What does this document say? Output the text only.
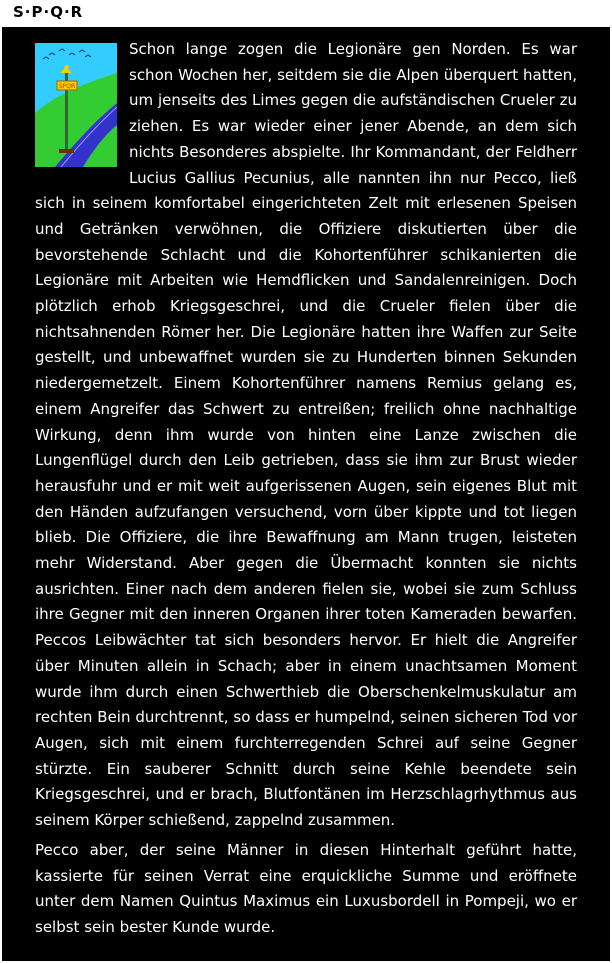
S·P·Q·R
SPQR

Schon lange zogen die Legionäre gen Norden. Es war schon Wochen her, seitdem sie die Alpen überquert hatten, um jenseits des Limes gegen die aufständischen Crueler zu ziehen. Es war wieder einer jener Abende, an dem sich nichts Besonderes abspielte. Ihr Kommandant, der Feldherr Lucius Gallius Pecunius, alle nannten ihn nur Pecco, ließ sich in seinem komfortabel eingerichteten Zelt mit erlesenen Speisen und Getränken verwöhnen, die Offiziere diskutierten über die bevorstehende Schlacht und die Kohortenführer schikanierten die Legionäre mit Arbeiten wie Hemdflicken und Sandalenreinigen. Doch plötzlich erhob Kriegsgeschrei, und die Crueler fielen über die nichtsahnenden Römer her. Die Legionäre hatten ihre Waffen zur Seite gestellt, und unbewaffnet wurden sie zu Hunderten binnen Sekunden niedergemetzelt. Einem Kohortenführer namens Remius gelang es, einem Angreifer das Schwert zu entreißen; freilich ohne nachhaltige Wirkung, denn ihm wurde von hinten eine Lanze zwischen die Lungenflügel durch den Leib getrieben, dass sie ihm zur Brust wieder herausfuhr und er mit weit aufgerissenen Augen, sein eigenes Blut mit den Händen aufzufangen versuchend, vorn über kippte und tot liegen blieb. Die Offiziere, die ihre Bewaffnung am Mann trugen, leisteten mehr Widerstand. Aber gegen die Übermacht konnten sie nichts ausrichten. Einer nach dem anderen fielen sie, wobei sie zum Schluss ihre Gegner mit den inneren Organen ihrer toten Kameraden bewarfen. Peccos Leibwächter tat sich besonders hervor. Er hielt die Angreifer über Minuten allein in Schach; aber in einem unachtsamen Moment wurde ihm durch einen Schwerthieb die Oberschenkelmuskulatur am rechten Bein durchtrennt, so dass er humpelnd, seinen sicheren Tod vor Augen, sich mit einem furchterregenden Schrei auf seine Gegner stürzte. Ein sauberer Schnitt durch seine Kehle beendete sein Kriegsgeschrei, und er brach, Blutfontänen im Herzschlagrhythmus aus seinem Körper schießend, zappelnd zusammen.

Pecco aber, der seine Männer in diesen Hinterhalt geführt hatte, kassierte für seinen Verrat eine erquickliche Summe und eröffnete unter dem Namen Quintus Maximus ein Luxusbordell in Pompeji, wo er selbst sein bester Kunde wurde.
